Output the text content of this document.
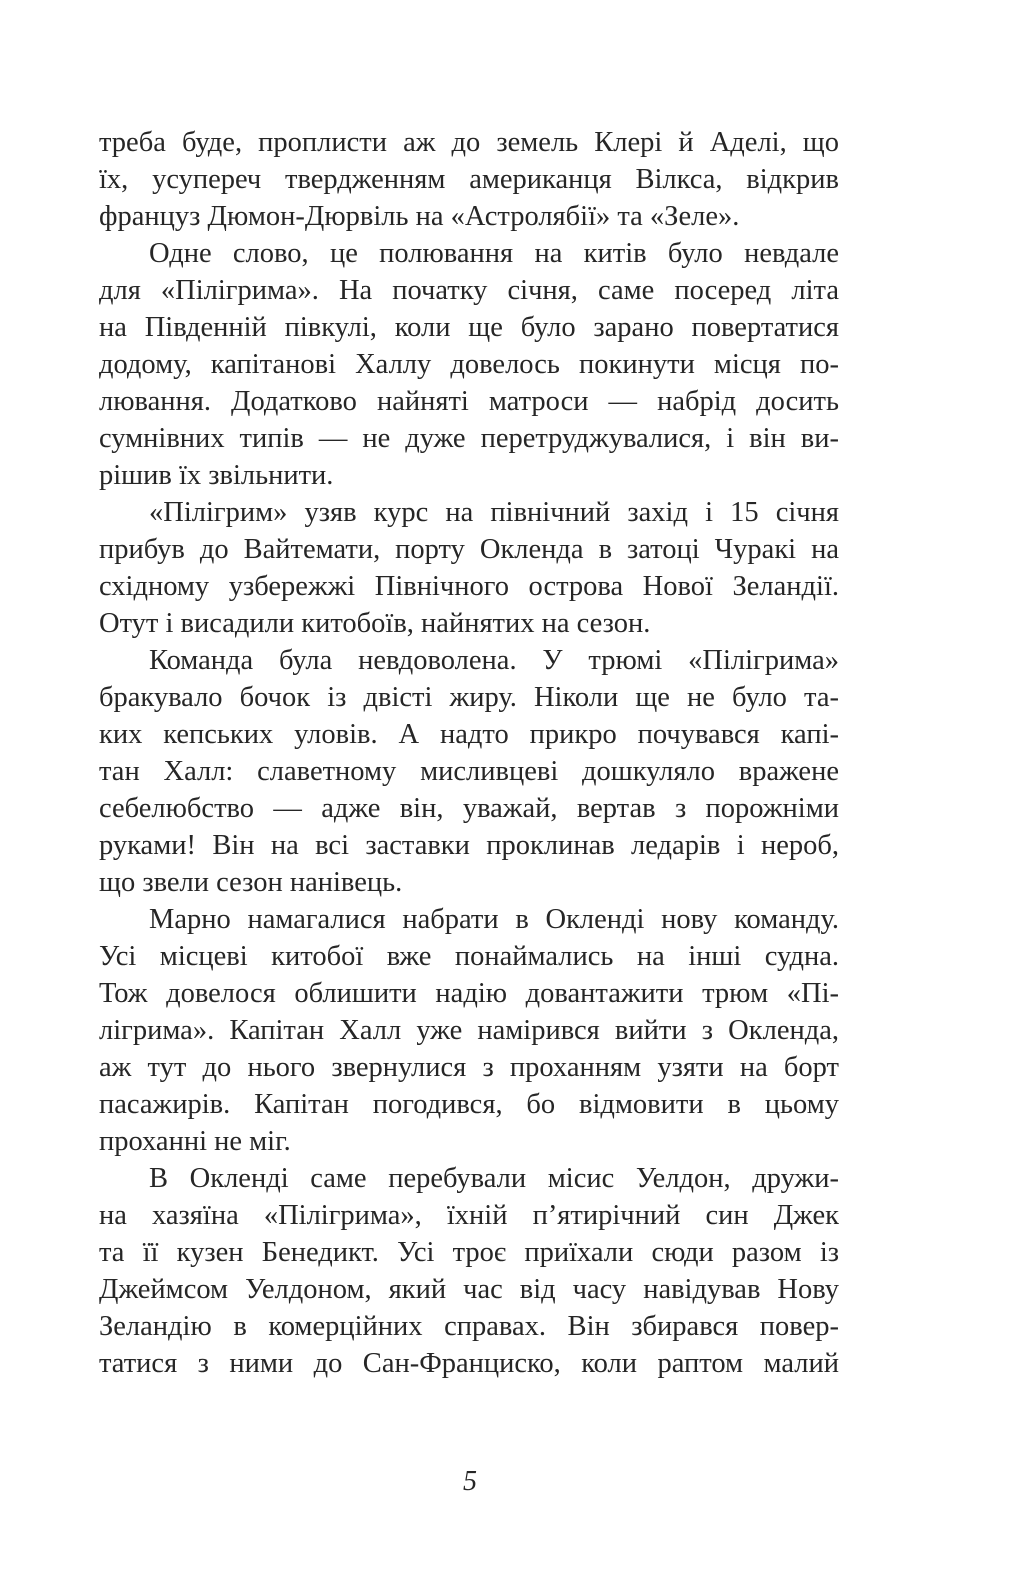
треба буде, проплисти аж до земель Клері й Аделі, що
їх, усупереч твердженням американця Вілкса, відкрив
француз Дюмон-Дюрвіль на «Астролябії» та «Зеле».
Одне слово, це полювання на китів було невдале
для «Пілігрима». На початку січня, саме посеред літа
на Південній півкулі, коли ще було зарано повертатися
додому, капітанові Халлу довелось покинути місця по-
лювання. Додатково найняті матроси — набрід досить
сумнівних типів — не дуже перетруджувалися, і він ви-
рішив їх звільнити.
«Пілігрим» узяв курс на північний захід і 15 січня
прибув до Вайтемати, порту Окленда в затоці Чуракі на
східному узбережжі Північного острова Нової Зеландії.
Отут і висадили китобоїв, найнятих на сезон.
Команда була невдоволена. У трюмі «Пілігрима»
бракувало бочок із двісті жиру. Ніколи ще не було та-
ких кепських уловів. А надто прикро почувався капі-
тан Халл: славетному мисливцеві дошкуляло вражене
себелюбство — адже він, уважай, вертав з порожніми
руками! Він на всі заставки проклинав ледарів і нероб,
що звели сезон нанівець.
Марно намагалися набрати в Окленді нову команду.
Усі місцеві китобої вже понаймались на інші судна.
Тож довелося облишити надію довантажити трюм «Пі-
лігрима». Капітан Халл уже намірився вийти з Окленда,
аж тут до нього звернулися з проханням узяти на борт
пасажирів. Капітан погодився, бо відмовити в цьому
проханні не міг.
В Окленді саме перебували місис Уелдон, дружи-
на хазяїна «Пілігрима», їхній п’ятирічний син Джек
та її кузен Бенедикт. Усі троє приїхали сюди разом із
Джеймсом Уелдоном, який час від часу навідував Нову
Зеландію в комерційних справах. Він збирався повер-
татися з ними до Сан-Франциско, коли раптом малий
5
